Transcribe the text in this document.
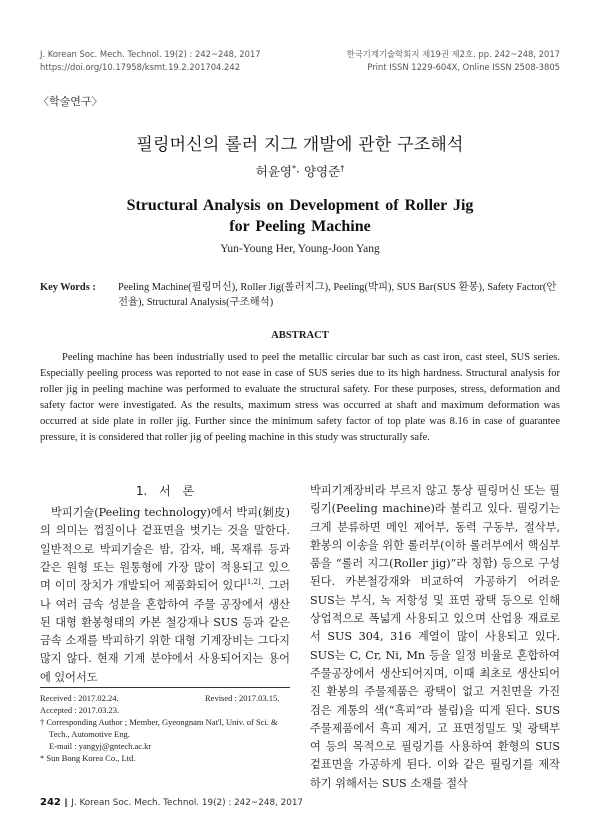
J. Korean Soc. Mech. Technol. 19(2) : 242~248, 2017
https://doi.org/10.17958/ksmt.19.2.201704.242
한국기계기술학회지 제19권 제2호. pp. 242~248, 2017
Print ISSN 1229-604X, Online ISSN 2508-3805
〈학술연구〉
필링머신의 롤러 지그 개발에 관한 구조해석
허윤영*· 양영준†
Structural Analysis on Development of Roller Jig
for Peeling Machine
Yun-Young Her, Young-Joon Yang
Key Words :	Peeling Machine(필링머신), Roller Jig(롤러지그), Peeling(박피), SUS Bar(SUS 환봉), Safety Factor(안전율), Structural Analysis(구조해석)
ABSTRACT
Peeling machine has been industrially used to peel the metallic circular bar such as cast iron, cast steel, SUS series. Especially peeling process was reported to not ease in case of SUS series due to its high hardness. Structural analysis for roller jig in peeling machine was performed to evaluate the structural safety. For these purposes, stress, deformation and safety factor were investigated. As the results, maximum stress was occurred at shaft and maximum deformation was occurred at side plate in roller jig. Further since the minimum safety factor of top plate was 8.16 in case of guarantee pressure, it is considered that roller jig of peeling machine in this study was structurally safe.
1. 서 론
박피기술(Peeling technology)에서 박피(剝皮)의 의미는 껍질이나 겉표면을 벗기는 것을 말한다. 일반적으로 박피기술은 밤, 감자, 배, 목재류 등과 같은 원형 또는 원통형에 가장 많이 적용되고 있으며 이미 장치가 개발되어 제품화되어 있다[1,2]. 그러나 여러 금속 성분을 혼합하여 주물 공장에서 생산된 대형 환봉형태의 카본 철강재나 SUS 등과 같은 금속 소재를 박피하기 위한 대형 기계장비는 그다지 많지 않다. 현재 기계 분야에서 사용되어지는 용어에 있어서도
Received : 2017.02.24.	Revised : 2017.03.15.
Accepted : 2017.03.23.
† Corresponding Author ; Member, Gyeongnam Nat'l, Univ. of Sci. & Tech., Automotive Eng.
E-mail : yangyj@gntech.ac.kr
* Sun Bong Korea Co., Ltd.
박피기계장비라 부르지 않고 통상 필링머신 또는 필링기(Peeling machine)라 불리고 있다. 필링기는 크게 분류하면 메인 제어부, 동력 구동부, 절삭부, 환봉의 이송을 위한 롤러부(이하 롤러부에서 핵심부품을 “롤러 지그(Roller jig)”라 칭함) 등으로 구성된다. 카본철강재와 비교하여 가공하기 어려운 SUS는 부식, 녹 저항성 및 표면 광택 등으로 인해 상업적으로 폭넓게 사용되고 있으며 산업용 재료로서 SUS 304, 316 계열이 많이 사용되고 있다. SUS는 C, Cr, Ni, Mn 등을 일정 비율로 혼합하여 주물공장에서 생산되어지며, 이때 최초로 생산되어진 환봉의 주물제품은 광택이 없고 거친면을 가진 검은 계통의 색(“흑피”라 불림)을 띠게 된다. SUS 주물제품에서 흑피 제거, 고 표면정밀도 및 광택부여 등의 목적으로 필링기를 사용하여 환형의 SUS 겉표면을 가공하게 된다. 이와 같은 필링기를 제작하기 위해서는 SUS 소재를 절삭
242 ∥ J. Korean Soc. Mech. Technol. 19(2) : 242~248, 2017
